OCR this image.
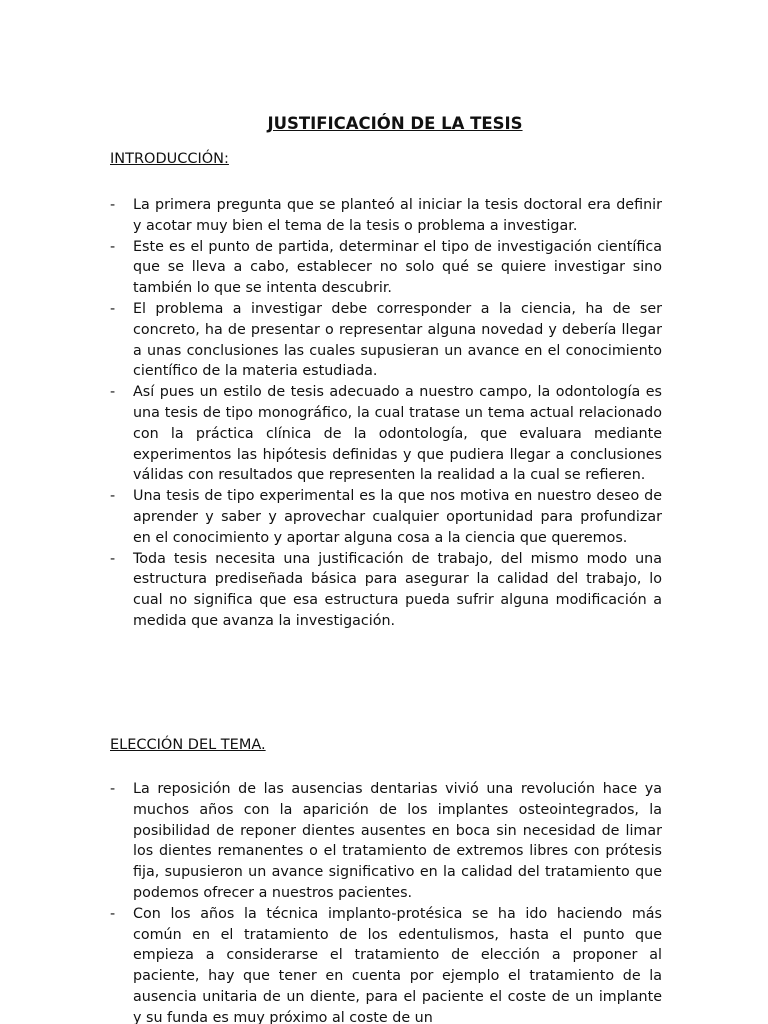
JUSTIFICACIÓN DE LA TESIS
INTRODUCCIÓN:
- La primera pregunta que se planteó al iniciar la tesis doctoral era definir y acotar muy bien el tema de la tesis o problema a investigar.
- Este es el punto de partida, determinar el tipo de investigación científica que se lleva a cabo, establecer no solo qué se quiere investigar sino también lo que se intenta descubrir.
- El problema a investigar debe corresponder a la ciencia, ha de ser concreto, ha de presentar o representar alguna novedad y debería llegar a unas conclusiones las cuales supusieran un avance en el conocimiento científico de la materia estudiada.
- Así pues un estilo de tesis adecuado a nuestro campo, la odontología es una tesis de tipo monográfico, la cual tratase un tema actual relacionado con la práctica clínica de la odontología, que evaluara mediante experimentos las hipótesis definidas y que pudiera llegar a conclusiones válidas con resultados que representen la realidad a la cual se refieren.
- Una tesis de tipo experimental es la que nos motiva en nuestro deseo de aprender y saber y aprovechar cualquier oportunidad para profundizar en el conocimiento y aportar alguna cosa a la ciencia que queremos.
- Toda tesis necesita una justificación de trabajo, del mismo modo una estructura prediseñada básica para asegurar la calidad del trabajo, lo cual no significa que esa estructura pueda sufrir alguna modificación a medida que avanza la investigación.
ELECCIÓN DEL TEMA.
- La reposición de las ausencias dentarias vivió una revolución hace ya muchos años con la aparición de los implantes osteointegrados, la posibilidad de reponer dientes ausentes en boca sin necesidad de limar los dientes remanentes o el tratamiento de extremos libres con prótesis fija, supusieron un avance significativo en la calidad del tratamiento que podemos ofrecer a nuestros pacientes.
- Con los años la técnica implanto-protésica se ha ido haciendo más común en el tratamiento de los edentulismos, hasta el punto que empieza a considerarse el tratamiento de elección a proponer al paciente, hay que tener en cuenta por ejemplo el tratamiento de la ausencia unitaria de un diente, para el paciente el coste de un implante y su funda es muy próximo al coste de un
